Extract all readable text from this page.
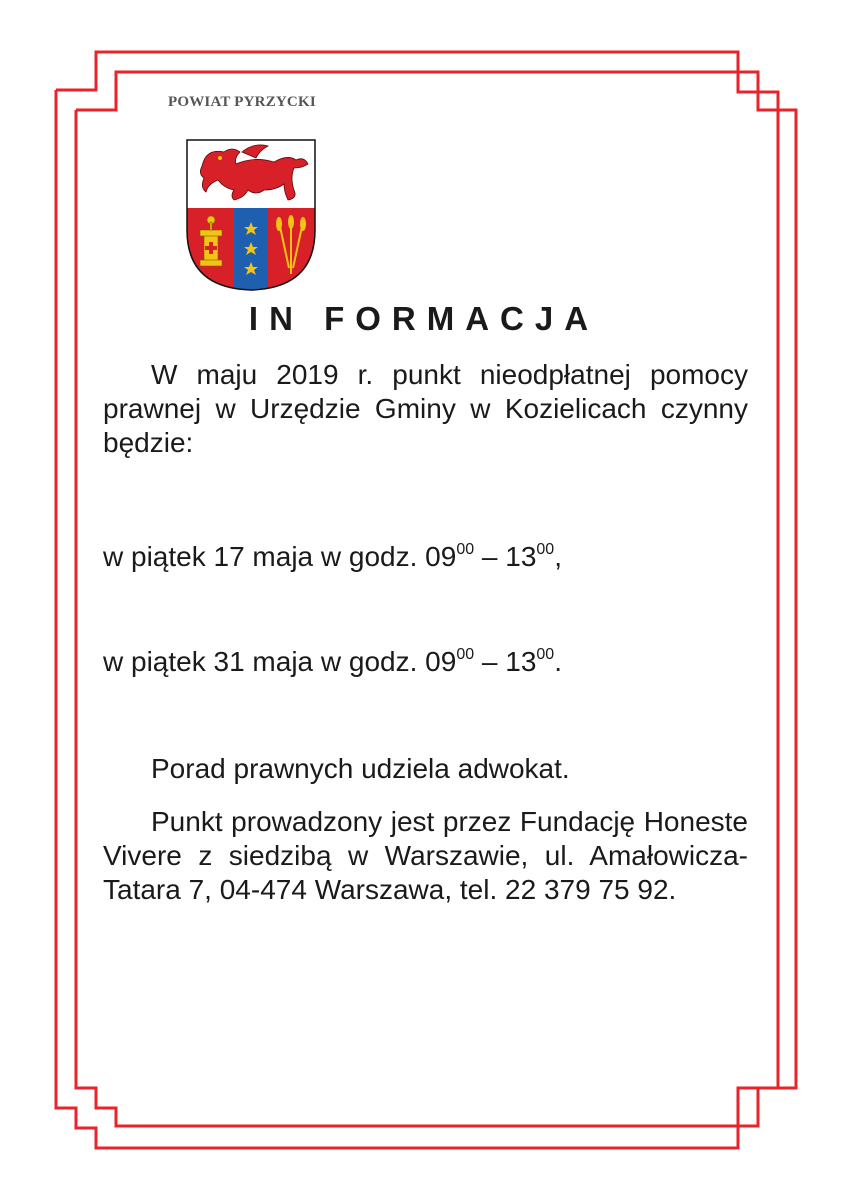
POWIAT PYRZYCKI
IN FORMACJA

W maju 2019 r. punkt nieodpłatnej pomocy prawnej w Urzędzie Gminy w Kozielicach czynny będzie:

w piątek 17 maja w godz. $09^{00} - 13^{00}$,
w piątek 31 maja w godz. $09^{00} - 13^{00}$.

Porad prawnych udziela adwokat.

Punkt prowadzony jest przez Fundację Honeste Vivere z siedzibą w Warszawie, ul. Amałowicza-Tatara 7, 04-474 Warszawa, tel. 22 379 75 92.
